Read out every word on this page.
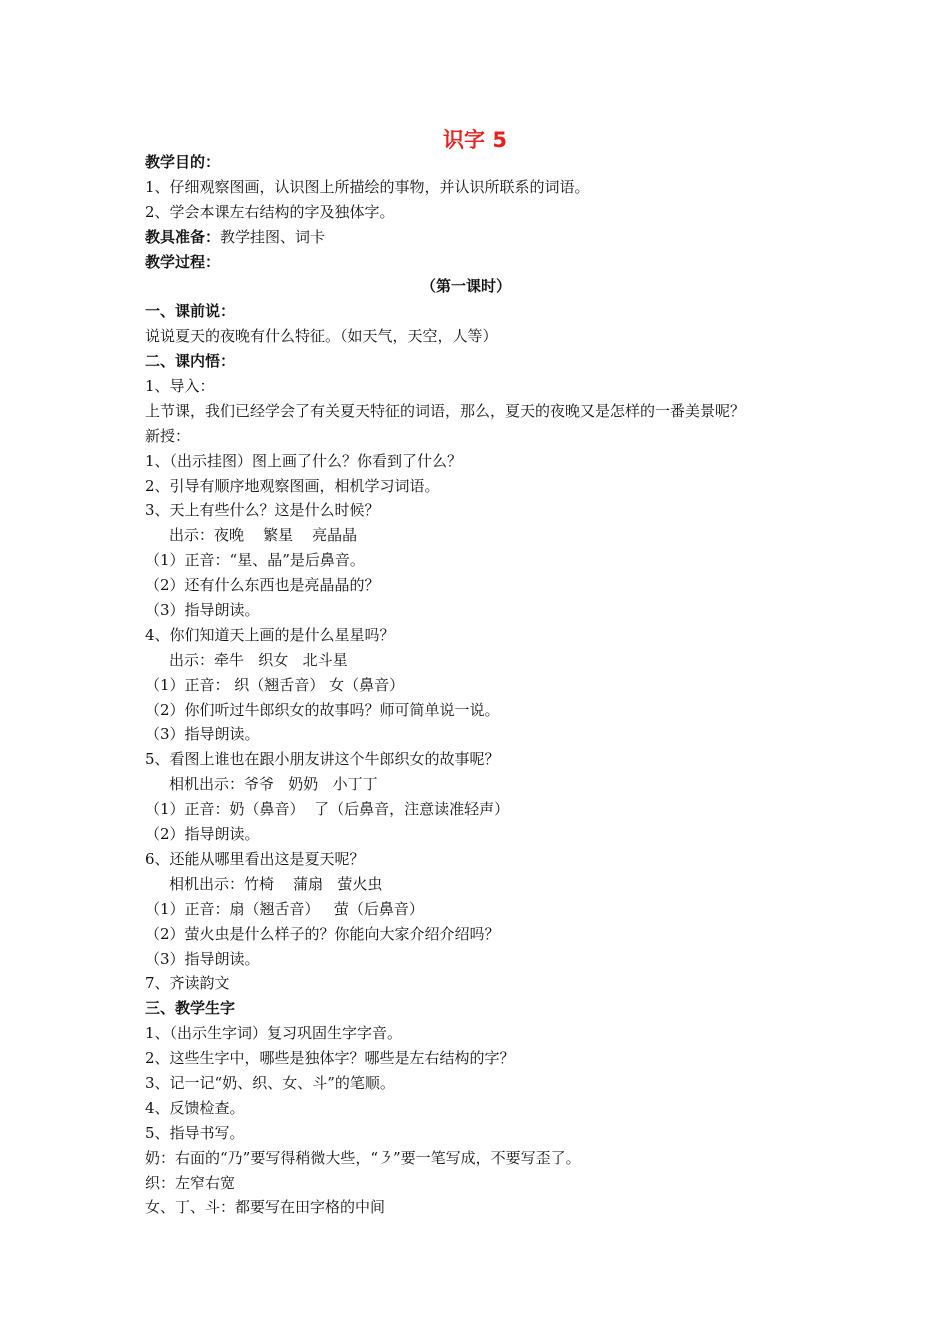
识字 5
教学目的：
1、仔细观察图画，认识图上所描绘的事物，并认识所联系的词语。
2、学会本课左右结构的字及独体字。
教具准备：教学挂图、词卡
教学过程：
（第一课时）
一、课前说：
说说夏天的夜晚有什么特征。（如天气，天空，人等）
二、课内悟：
1、导入：
上节课，我们已经学会了有关夏天特征的词语，那么，夏天的夜晚又是怎样的一番美景呢？
新授：
1、（出示挂图）图上画了什么？你看到了什么？
2、引导有顺序地观察图画，相机学习词语。
3、天上有些什么？这是什么时候？
出示：夜晚    繁星    亮晶晶
（1）正音：“星、晶”是后鼻音。
（2）还有什么东西也是亮晶晶的？
（3）指导朗读。
4、你们知道天上画的是什么星星吗？
出示：牵牛   织女   北斗星
（1）正音： 织（翘舌音） 女（鼻音）
（2）你们听过牛郎织女的故事吗？师可简单说一说。
（3）指导朗读。
5、看图上谁也在跟小朋友讲这个牛郎织女的故事呢？
相机出示：爷爷   奶奶   小丁丁
（1）正音：奶（鼻音）  了（后鼻音，注意读准轻声）
（2）指导朗读。
6、还能从哪里看出这是夏天呢？
相机出示：竹椅    蒲扇   萤火虫
（1）正音：扇（翘舌音）   萤（后鼻音）
（2）萤火虫是什么样子的？你能向大家介绍介绍吗？
（3）指导朗读。
7、齐读韵文
三、教学生字
1、（出示生字词）复习巩固生字字音。
2、这些生字中，哪些是独体字？哪些是左右结构的字？
3、记一记“奶、织、女、斗”的笔顺。
4、反馈检查。
5、指导书写。
奶：右面的“乃”要写得稍微大些，“㇋”要一笔写成，不要写歪了。
织：左窄右宽
女、丁、斗：都要写在田字格的中间
